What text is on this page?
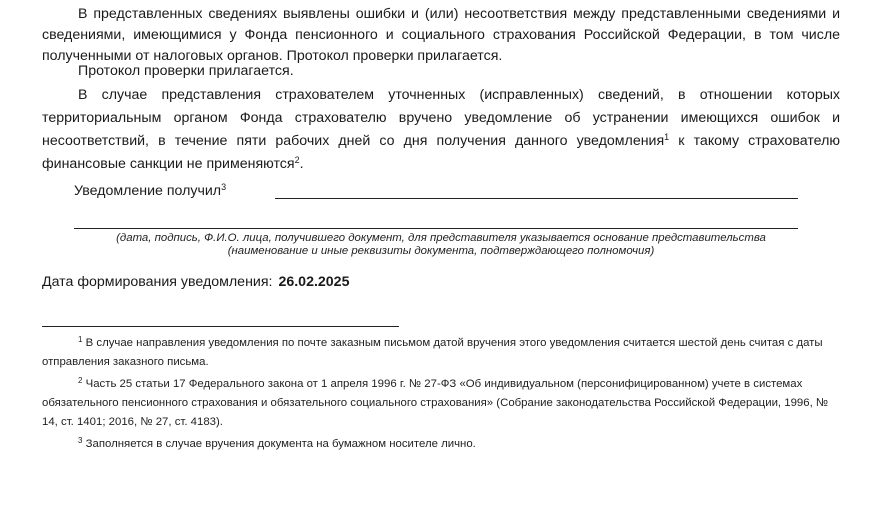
В представленных сведениях выявлены ошибки и (или) несоответствия между представленными сведениями и сведениями, имеющимися у Фонда пенсионного и социального страхования Российской Федерации, в том числе полученными от налоговых органов. Протокол проверки прилагается.

Протокол проверки прилагается.

В случае представления страхователем уточненных (исправленных) сведений, в отношении которых территориальным органом Фонда страхователю вручено уведомление об устранении имеющихся ошибок и несоответствий, в течение пяти рабочих дней со дня получения данного уведомления$^1$ к такому страхователю финансовые санкции не применяются$^2$.

Уведомление получил$^3$
(дата, подпись, Ф.И.О. лица, получившего документ, для представителя указывается основание представительства
(наименование и иные реквизиты документа, подтверждающего полномочия)
Дата формирования уведомления: 26.02.2025

$^1$ В случае направления уведомления по почте заказным письмом датой вручения этого уведомления считается шестой день считая с даты отправления заказного письма.

$^2$ Часть 25 статьи 17 Федерального закона от 1 апреля 1996 г. № 27-ФЗ «Об индивидуальном (персонифицированном) учете в системах обязательного пенсионного страхования и обязательного социального страхования» (Собрание законодательства Российской Федерации, 1996, № 14, ст. 1401; 2016, № 27, ст. 4183).

$^3$ Заполняется в случае вручения документа на бумажном носителе лично.
